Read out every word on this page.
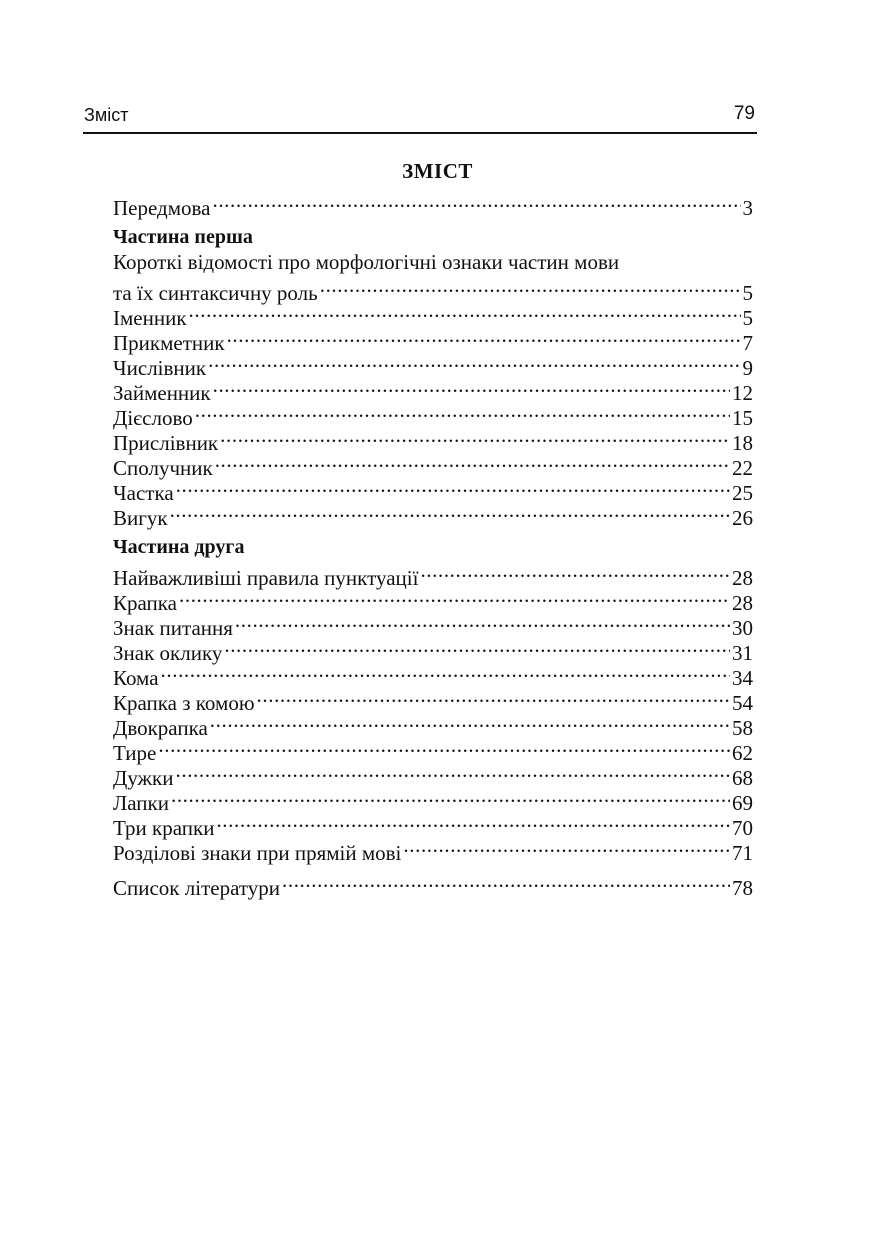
Зміст	79
ЗМІСТ
Передмова .....	3
Частина перша
Короткі відомості про морфологічні ознаки частин мови
та їх синтаксичну роль .....	5
Іменник .....	5
Прикметник .....	7
Числівник .....	9
Займенник .....	12
Дієслово .....	15
Прислівник .....	18
Сполучник .....	22
Частка .....	25
Вигук .....	26
Частина друга
Найважливіші правила пунктуації .....	28
Крапка .....	28
Знак питання .....	30
Знак оклику .....	31
Кома .....	34
Крапка з комою .....	54
Двокрапка .....	58
Тире .....	62
Дужки .....	68
Лапки .....	69
Три крапки .....	70
Розділові знаки при прямій мові .....	71
Список літератури .....	78
